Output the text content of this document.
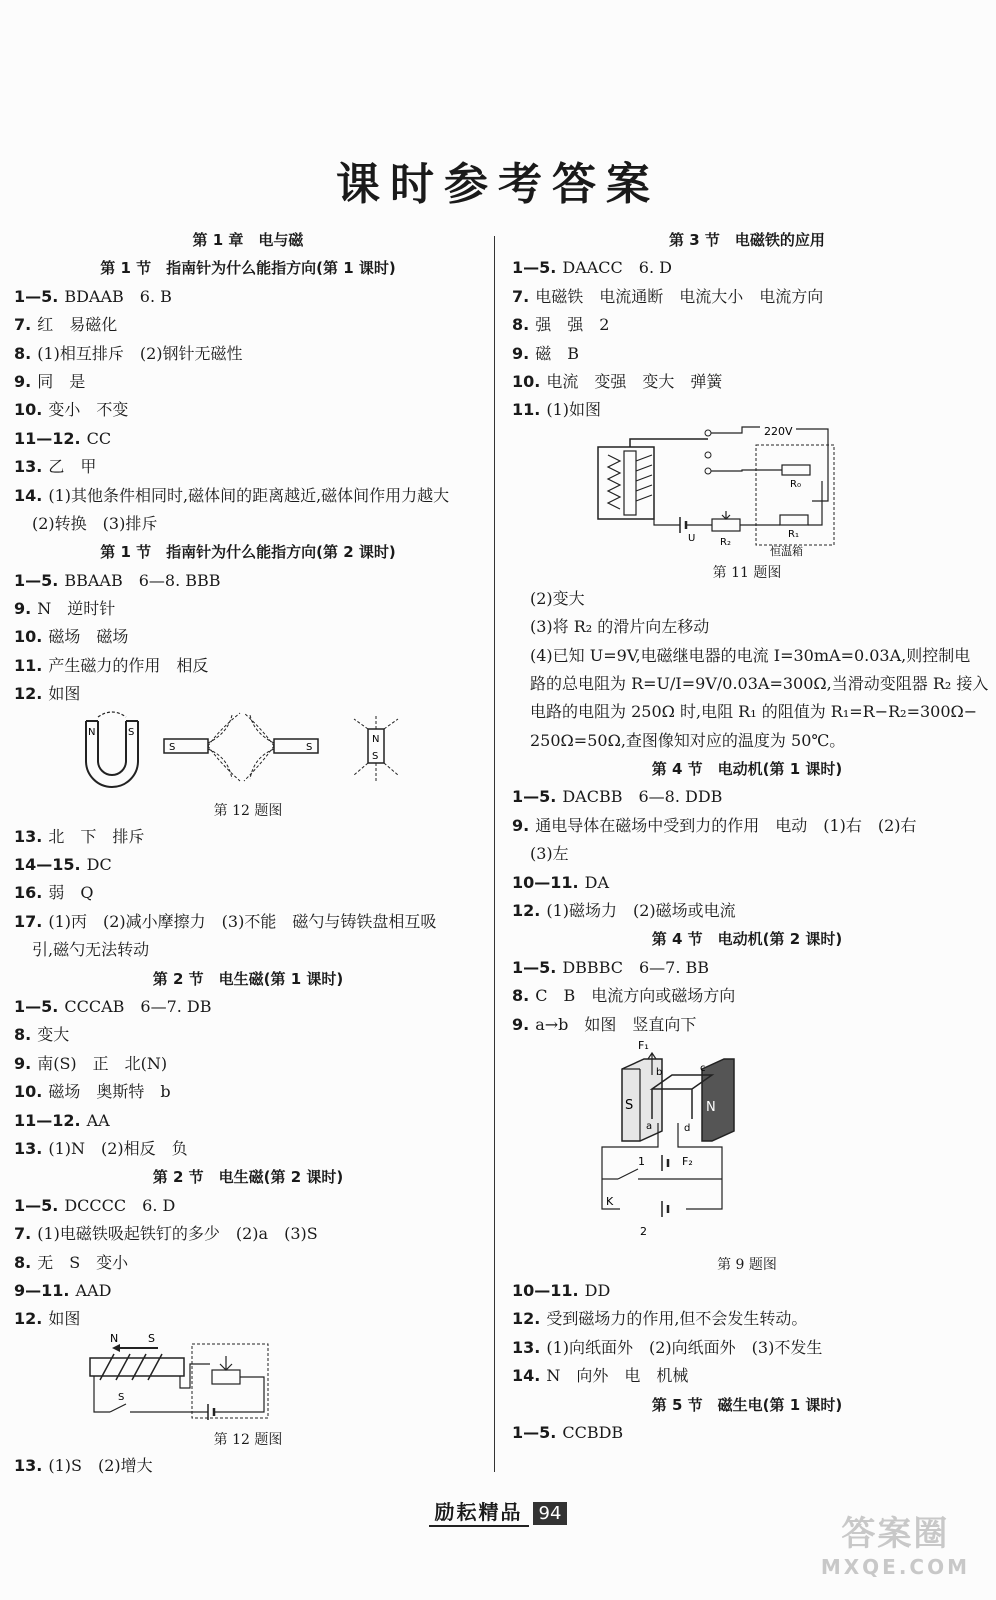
课时参考答案
第 1 章　电与磁
第 1 节　指南针为什么能指方向(第 1 课时)
1—5. BDAAB　6. B
7. 红　易磁化
8. (1)相互排斥　(2)钢针无磁性
9. 同　是
10. 变小　不变
11—12. CC
13. 乙　甲
14. (1)其他条件相同时,磁体间的距离越近,磁体间作用力越大
(2)转换　(3)排斥
第 1 节　指南针为什么能指方向(第 2 课时)
1—5. BBAAB　6—8. BBB
9. N　逆时针
10. 磁场　磁场
11. 产生磁力的作用　相反
12. 如图
N	S
S	S
N
S
第 12 题图
13. 北　下　排斥
14—15. DC
16. 弱　Q
17. (1)丙　(2)减小摩擦力　(3)不能　磁勺与铸铁盘相互吸
引,磁勺无法转动
第 2 节　电生磁(第 1 课时)
1—5. CCCAB　6—7. DB
8. 变大
9. 南(S)　正　北(N)
10. 磁场　奥斯特　b
11—12. AA
13. (1)N　(2)相反　负
第 2 节　电生磁(第 2 课时)
1—5. DCCCC　6. D
7. (1)电磁铁吸起铁钉的多少　(2)a　(3)S
8. 无　S　变小
9—11. AAD
12. 如图
N	S
S
第 12 题图
13. (1)S　(2)增大
第 3 节　电磁铁的应用
1—5. DAACC　6. D
7. 电磁铁　电流通断　电流大小　电流方向
8. 强　强　2
9. 磁　B
10. 电流　变强　变大　弹簧
11. (1)如图
220V
R₀
R₁
恒温箱
U R₂
第 11 题图
(2)变大
(3)将 R₂ 的滑片向左移动
(4)已知 U=9V,电磁继电器的电流 I=30mA=0.03A,则控制电
路的总电阻为 R=U/I=9V/0.03A=300Ω,当滑动变阻器 R₂ 接入
电路的电阻为 250Ω 时,电阻 R₁ 的阻值为 R₁=R−R₂=300Ω−
250Ω=50Ω,查图像知对应的温度为 50℃。
第 4 节　电动机(第 1 课时)
1—5. DACBB　6—8. DDB
9. 通电导体在磁场中受到力的作用　电动　(1)右　(2)右
(3)左
10—11. DA
12. (1)磁场力　(2)磁场或电流
第 4 节　电动机(第 2 课时)
1—5. DBBBC　6—7. BB
8. C　B　电流方向或磁场方向
9. a→b　如图　竖直向下
S	N
F₁
b	c
a	d
1	F₂
K
2
第 9 题图
10—11. DD
12. 受到磁场力的作用,但不会发生转动。
13. (1)向纸面外　(2)向纸面外　(3)不发生
14. N　向外　电　机械
第 5 节　磁生电(第 1 课时)
1—5. CCBDB
励耘精品 94
答案圈
MXQE.COM
